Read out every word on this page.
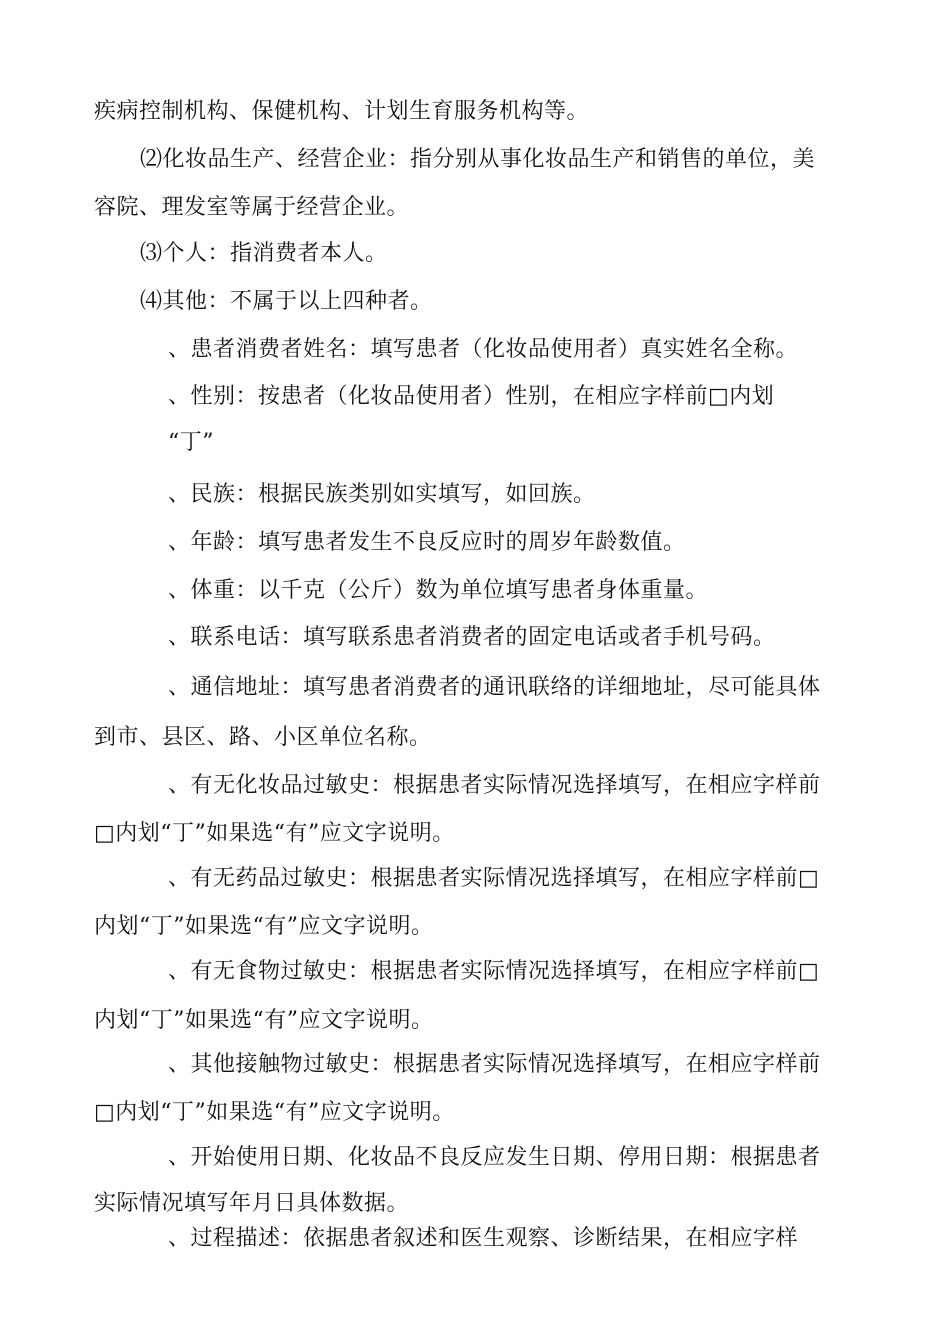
疾病控制机构、保健机构、计划生育服务机构等。
⑵化妆品生产、经营企业：指分别从事化妆品生产和销售的单位，美
容院、理发室等属于经营企业。
⑶个人：指消费者本人。
⑷其他：不属于以上四种者。
、患者消费者姓名：填写患者（化妆品使用者）真实姓名全称。
、性别：按患者（化妆品使用者）性别，在相应字样前□内划
“丁”
、民族：根据民族类别如实填写，如回族。
、年龄：填写患者发生不良反应时的周岁年龄数值。
、体重：以千克（公斤）数为单位填写患者身体重量。
、联系电话：填写联系患者消费者的固定电话或者手机号码。
、通信地址：填写患者消费者的通讯联络的详细地址，尽可能具体
到市、县区、路、小区单位名称。
、有无化妆品过敏史：根据患者实际情况选择填写，在相应字样前
□内划“丁”如果选“有”应文字说明。
、有无药品过敏史：根据患者实际情况选择填写，在相应字样前□
内划“丁”如果选“有”应文字说明。
、有无食物过敏史：根据患者实际情况选择填写，在相应字样前□
内划“丁”如果选“有”应文字说明。
、其他接触物过敏史：根据患者实际情况选择填写，在相应字样前
□内划“丁”如果选“有”应文字说明。
、开始使用日期、化妆品不良反应发生日期、停用日期：根据患者
实际情况填写年月日具体数据。
、过程描述：依据患者叙述和医生观察、诊断结果，在相应字样
